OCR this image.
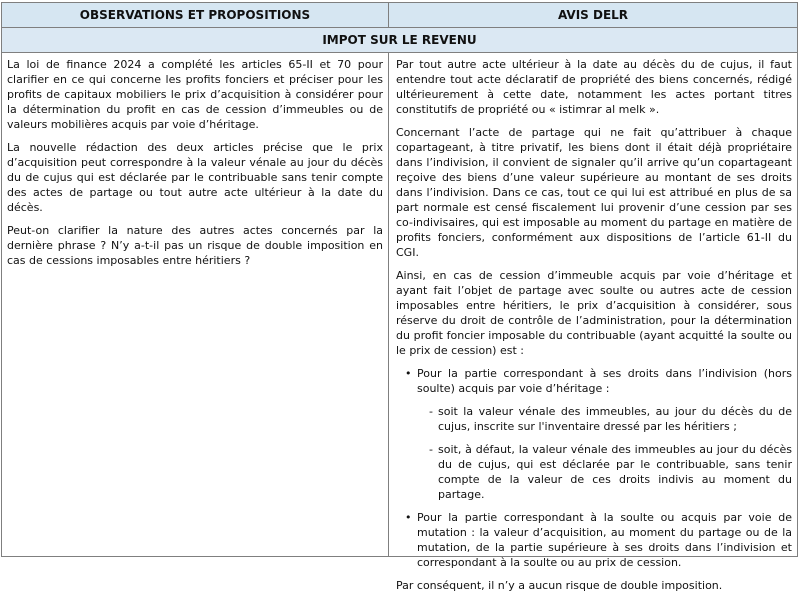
OBSERVATIONS ET PROPOSITIONS	AVIS DELR
IMPOT SUR LE REVENU

La loi de finance 2024 a complété les articles 65-II et 70 pour clarifier en ce qui concerne les profits fonciers et préciser pour les profits de capitaux mobiliers le prix d’acquisition à considérer pour la détermination du profit en cas de cession d’immeubles ou de valeurs mobilières acquis par voie d’héritage.

La nouvelle rédaction des deux articles précise que le prix d’acquisition peut correspondre à la valeur vénale au jour du décès du de cujus qui est déclarée par le contribuable sans tenir compte des actes de partage ou tout autre acte ultérieur à la date du décès.

Peut-on clarifier la nature des autres actes concernés par la dernière phrase ? N’y a-t-il pas un risque de double imposition en cas de cessions imposables entre héritiers ?

Par tout autre acte ultérieur à la date au décès du de cujus, il faut entendre tout acte déclaratif de propriété des biens concernés, rédigé ultérieurement à cette date, notamment les actes portant titres constitutifs de propriété ou « istimrar al melk ».

Concernant l’acte de partage qui ne fait qu’attribuer à chaque copartageant, à titre privatif, les biens dont il était déjà propriétaire dans l’indivision, il convient de signaler qu’il arrive qu’un copartageant reçoive des biens d’une valeur supérieure au montant de ses droits dans l’indivision. Dans ce cas, tout ce qui lui est attribué en plus de sa part normale est censé fiscalement lui provenir d’une cession par ses co-indivisaires, qui est imposable au moment du partage en matière de profits fonciers, conformément aux dispositions de l’article 61-II du CGI.

Ainsi, en cas de cession d’immeuble acquis par voie d’héritage et ayant fait l’objet de partage avec soulte ou autres acte de cession imposables entre héritiers, le prix d’acquisition à considérer, sous réserve du droit de contrôle de l’administration, pour la détermination du profit foncier imposable du contribuable (ayant acquitté la soulte ou le prix de cession) est :

• Pour la partie correspondant à ses droits dans l’indivision (hors soulte) acquis par voie d’héritage :
- soit la valeur vénale des immeubles, au jour du décès du de cujus, inscrite sur l'inventaire dressé par les héritiers ;
- soit, à défaut, la valeur vénale des immeubles au jour du décès du de cujus, qui est déclarée par le contribuable, sans tenir compte de la valeur de ces droits indivis au moment du partage.
• Pour la partie correspondant à la soulte ou acquis par voie de mutation : la valeur d’acquisition, au moment du partage ou de la mutation, de la partie supérieure à ses droits dans l’indivision et correspondant à la soulte ou au prix de cession.

Par conséquent, il n’y a aucun risque de double imposition.
